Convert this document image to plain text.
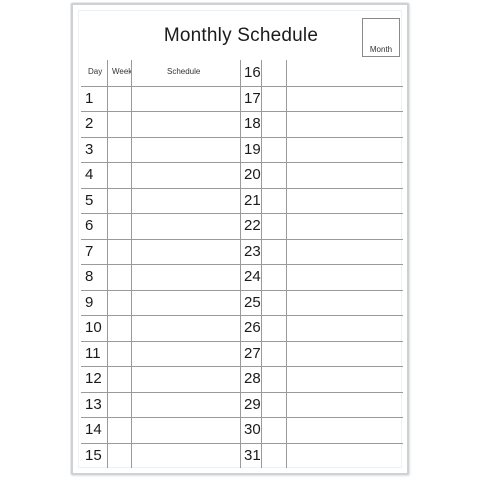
Monthly Schedule
Month
Day Week	Schedule
1
2
3
4
5
6
7
8
9
10
11
12
13
14
15
16
17
18
19
20
21
22
23
24
25
26
27
28
29
30
31
